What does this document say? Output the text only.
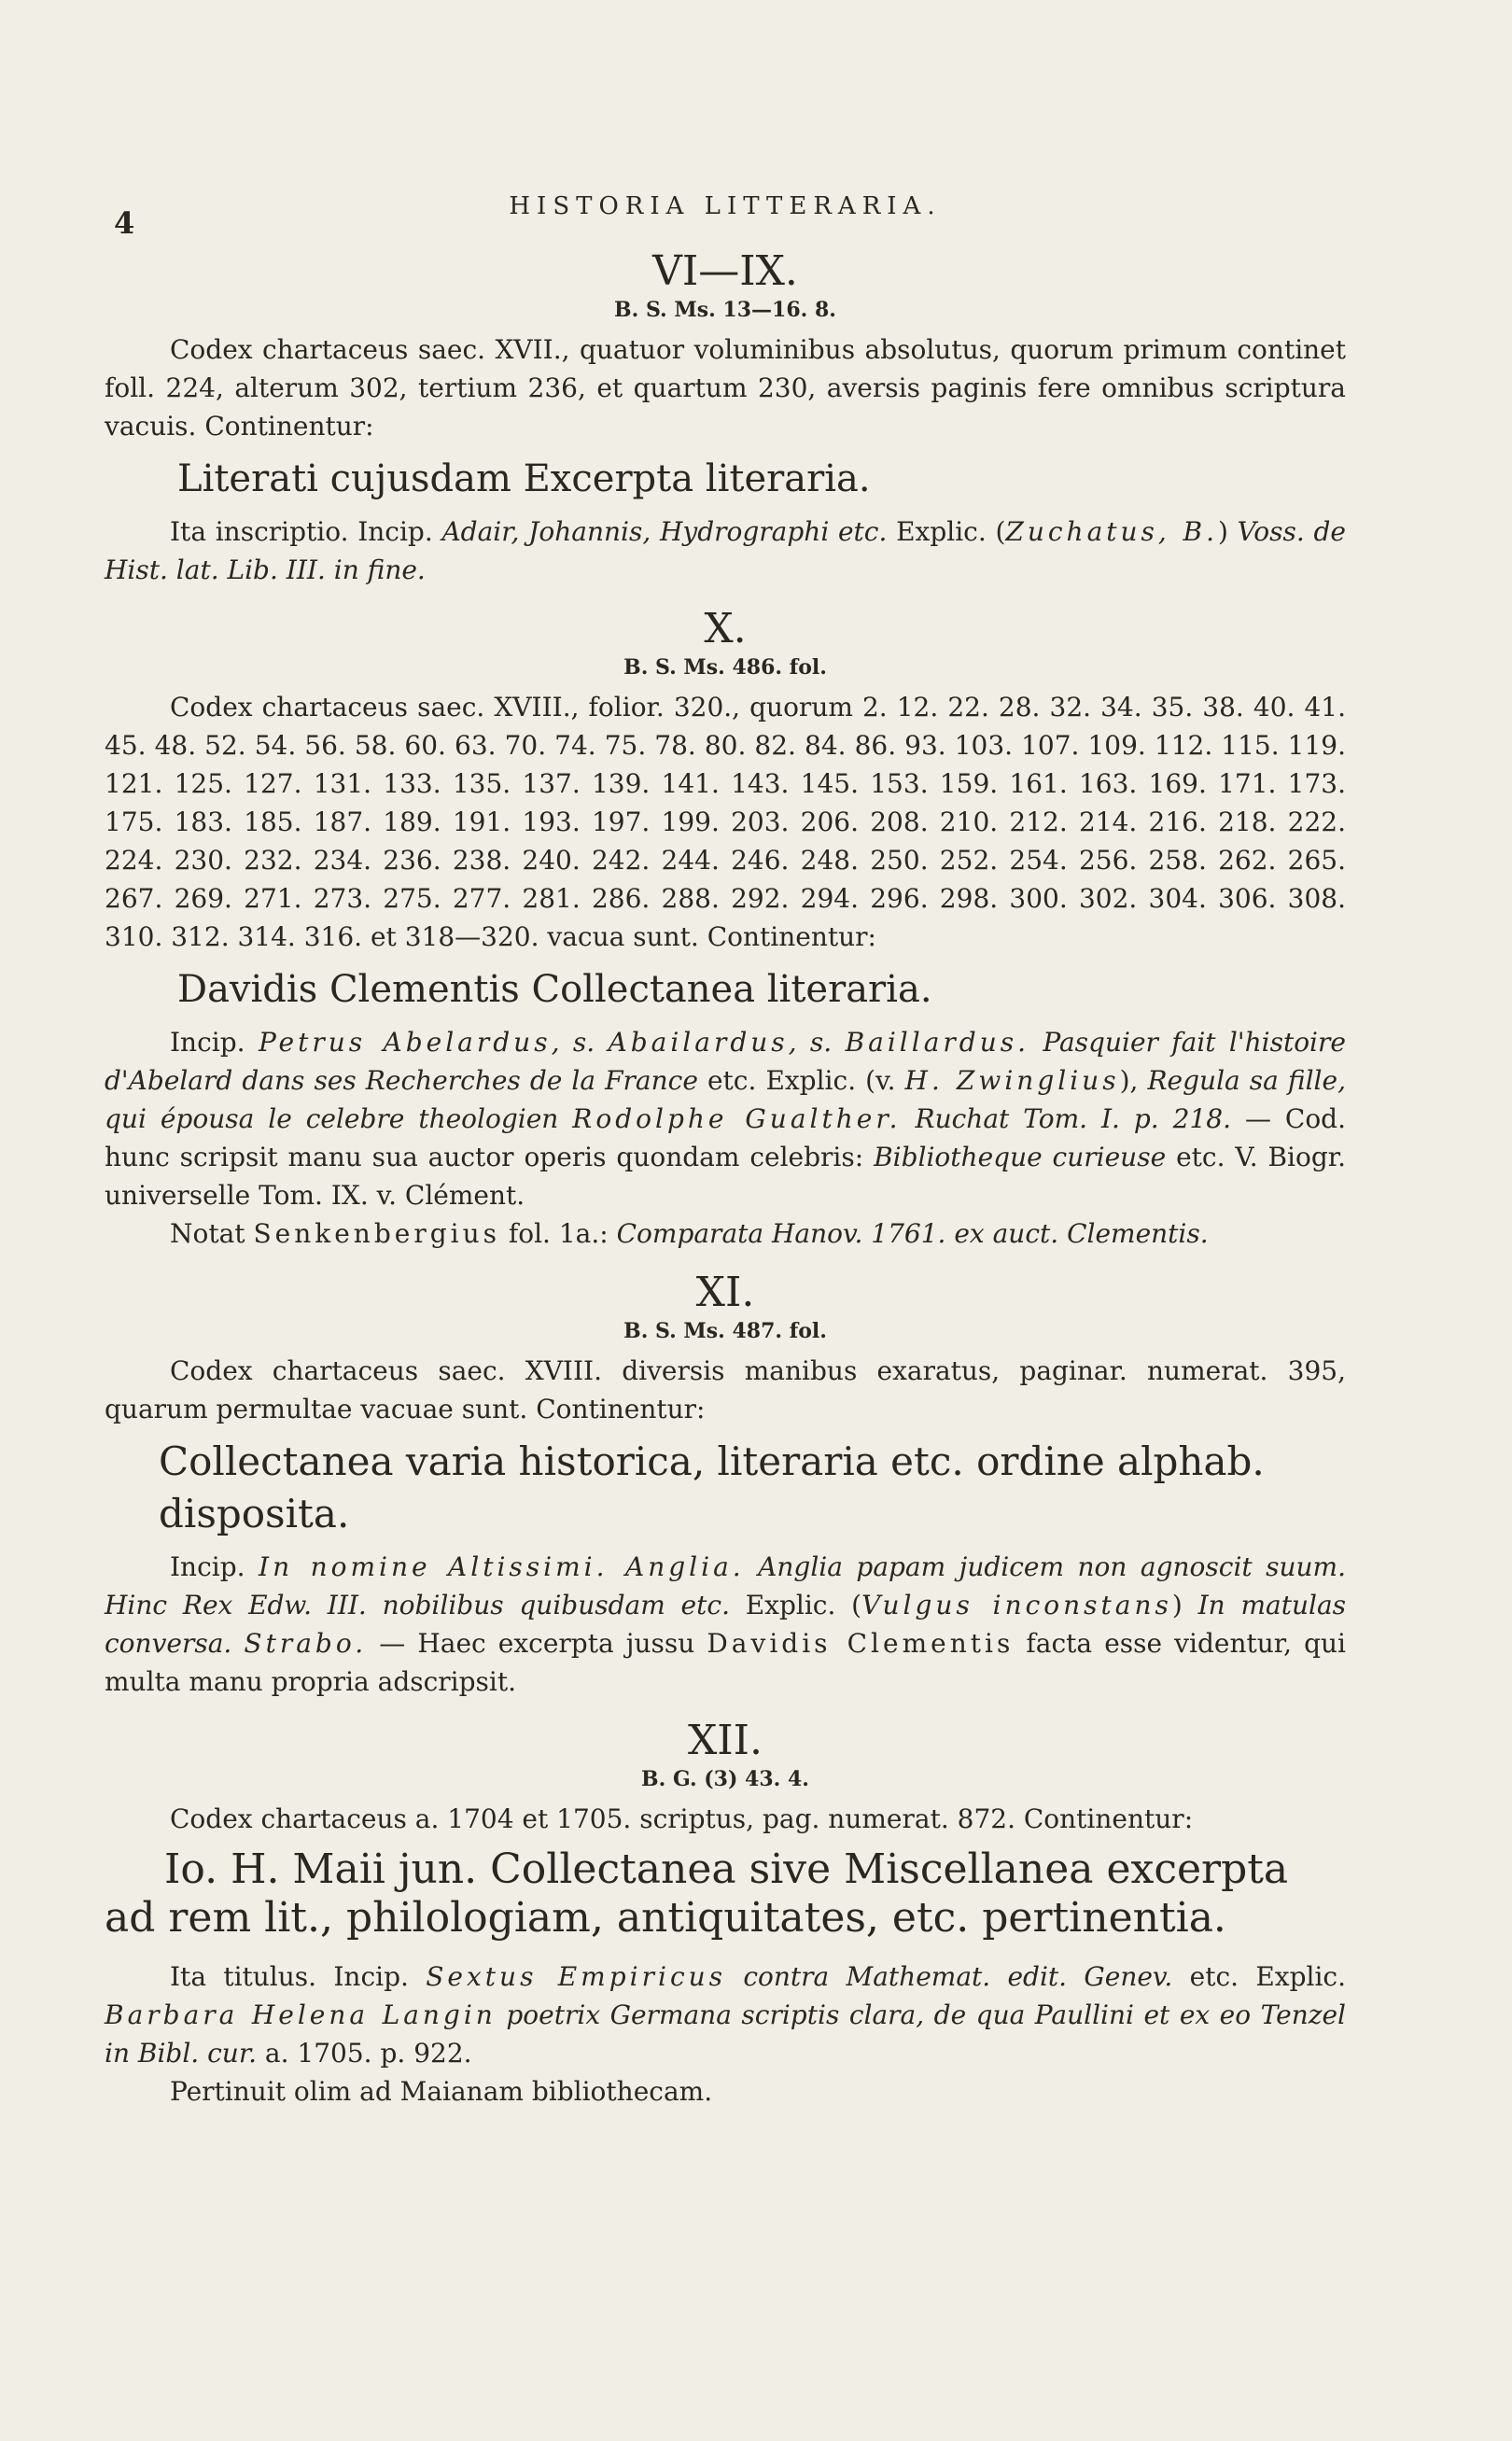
4	HISTORIA LITTERARIA.
VI—IX.
B. S. Ms. 13—16. 8.

Codex chartaceus saec. XVII., quatuor voluminibus absolutus, quorum primum continet foll. 224, alterum 302, tertium 236, et quartum 230, aversis paginis fere omnibus scriptura vacuis. Continentur:

Literati cujusdam Excerpta literaria.

Ita inscriptio. Incip. Adair, Johannis, Hydrographi etc. Explic. (Zuchatus, B.) Voss. de Hist. lat. Lib. III. in fine.

X.
B. S. Ms. 486. fol.

Codex chartaceus saec. XVIII., folior. 320., quorum 2. 12. 22. 28. 32. 34. 35. 38. 40. 41. 45. 48. 52. 54. 56. 58. 60. 63. 70. 74. 75. 78. 80. 82. 84. 86. 93. 103. 107. 109. 112. 115. 119. 121. 125. 127. 131. 133. 135. 137. 139. 141. 143. 145. 153. 159. 161. 163. 169. 171. 173. 175. 183. 185. 187. 189. 191. 193. 197. 199. 203. 206. 208. 210. 212. 214. 216. 218. 222. 224. 230. 232. 234. 236. 238. 240. 242. 244. 246. 248. 250. 252. 254. 256. 258. 262. 265. 267. 269. 271. 273. 275. 277. 281. 286. 288. 292. 294. 296. 298. 300. 302. 304. 306. 308. 310. 312. 314. 316. et 318—320. vacua sunt. Continentur:

Davidis Clementis Collectanea literaria.

Incip. Petrus Abelardus, s. Abailardus, s. Baillardus. Pasquier fait l'histoire d'Abelard dans ses Recherches de la France etc. Explic. (v. H. Zwinglius), Regula sa fille, qui épousa le celebre theologien Rodolphe Gualther. Ruchat Tom. I. p. 218. — Cod. hunc scripsit manu sua auctor operis quondam celebris: Bibliotheque curieuse etc. V. Biogr. universelle Tom. IX. v. Clément.

Notat Senkenbergius fol. 1a.: Comparata Hanov. 1761. ex auct. Clementis.

XI.
B. S. Ms. 487. fol.

Codex chartaceus saec. XVIII. diversis manibus exaratus, paginar. numerat. 395, quarum permultae vacuae sunt. Continentur:

Collectanea varia historica, literaria etc. ordine alphab. disposita.

Incip. In nomine Altissimi. Anglia. Anglia papam judicem non agnoscit suum. Hinc Rex Edw. III. nobilibus quibusdam etc. Explic. (Vulgus inconstans) In matulas conversa. Strabo. — Haec excerpta jussu Davidis Clementis facta esse videntur, qui multa manu propria adscripsit.

XII.
B. G. (3) 43. 4.

Codex chartaceus a. 1704 et 1705. scriptus, pag. numerat. 872. Continentur:

Io. H. Maii jun. Collectanea sive Miscellanea excerpta ad rem lit., philologiam, antiquitates, etc. pertinentia.

Ita titulus. Incip. Sextus Empiricus contra Mathemat. edit. Genev. etc. Explic. Barbara Helena Langin poetrix Germana scriptis clara, de qua Paullini et ex eo Tenzel in Bibl. cur. a. 1705. p. 922.

Pertinuit olim ad Maianam bibliothecam.
